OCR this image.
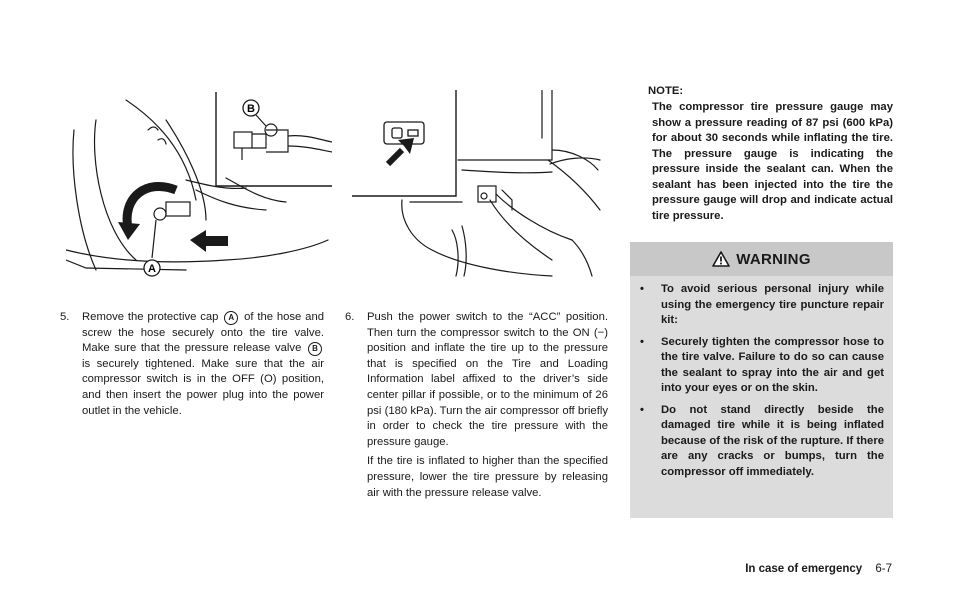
B
A
5.	Remove the protective cap A of the hose and screw the hose securely onto the tire valve. Make sure that the pressure release valve B is securely tightened. Make sure that the air compressor switch is in the OFF (O) position, and then insert the power plug into the power outlet in the vehicle.
6.	Push the power switch to the “ACC” position. Then turn the compressor switch to the ON (−) position and inflate the tire up to the pressure that is specified on the Tire and Loading Information label affixed to the driver’s side center pillar if possible, or to the minimum of 26 psi (180 kPa). Turn the air compressor off briefly in order to check the tire pressure with the pressure gauge.

If the tire is inflated to higher than the specified pressure, lower the tire pressure by releasing air with the pressure release valve.

NOTE:
The compressor tire pressure gauge may show a pressure reading of 87 psi (600 kPa) for about 30 seconds while inflating the tire. The pressure gauge is indicating the pressure inside the sealant can. When the sealant has been injected into the tire the pressure gauge will drop and indicate actual tire pressure.
WARNING
•	To avoid serious personal injury while using the emergency tire puncture repair kit:
•	Securely tighten the compressor hose to the tire valve. Failure to do so can cause the sealant to spray into the air and get into your eyes or on the skin.
•	Do not stand directly beside the damaged tire while it is being inflated because of the risk of the rupture. If there are any cracks or bumps, turn the compressor off immediately.
In case of emergency 6-7
